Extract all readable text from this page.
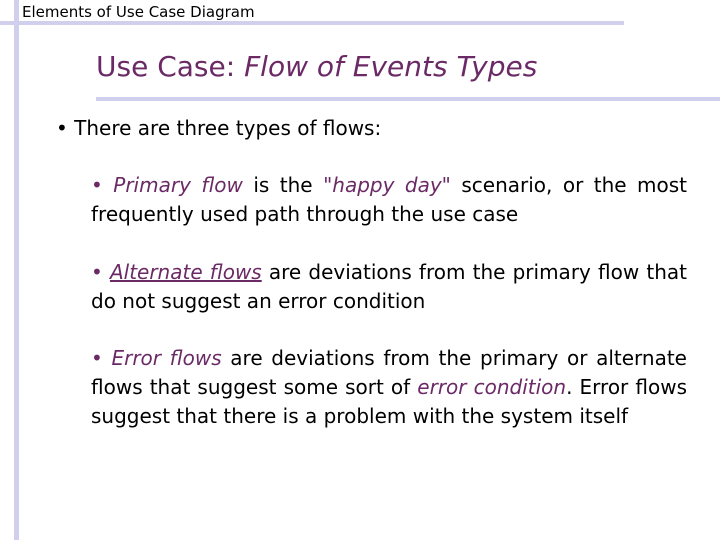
Elements of Use Case Diagram
Use Case: Flow of Events Types
• There are three types of flows:
• Primary flow is the "happy day" scenario, or the most frequently used path through the use case
• Alternate flows are deviations from the primary flow that do not suggest an error condition
• Error flows are deviations from the primary or alternate flows that suggest some sort of error condition. Error flows suggest that there is a problem with the system itself
